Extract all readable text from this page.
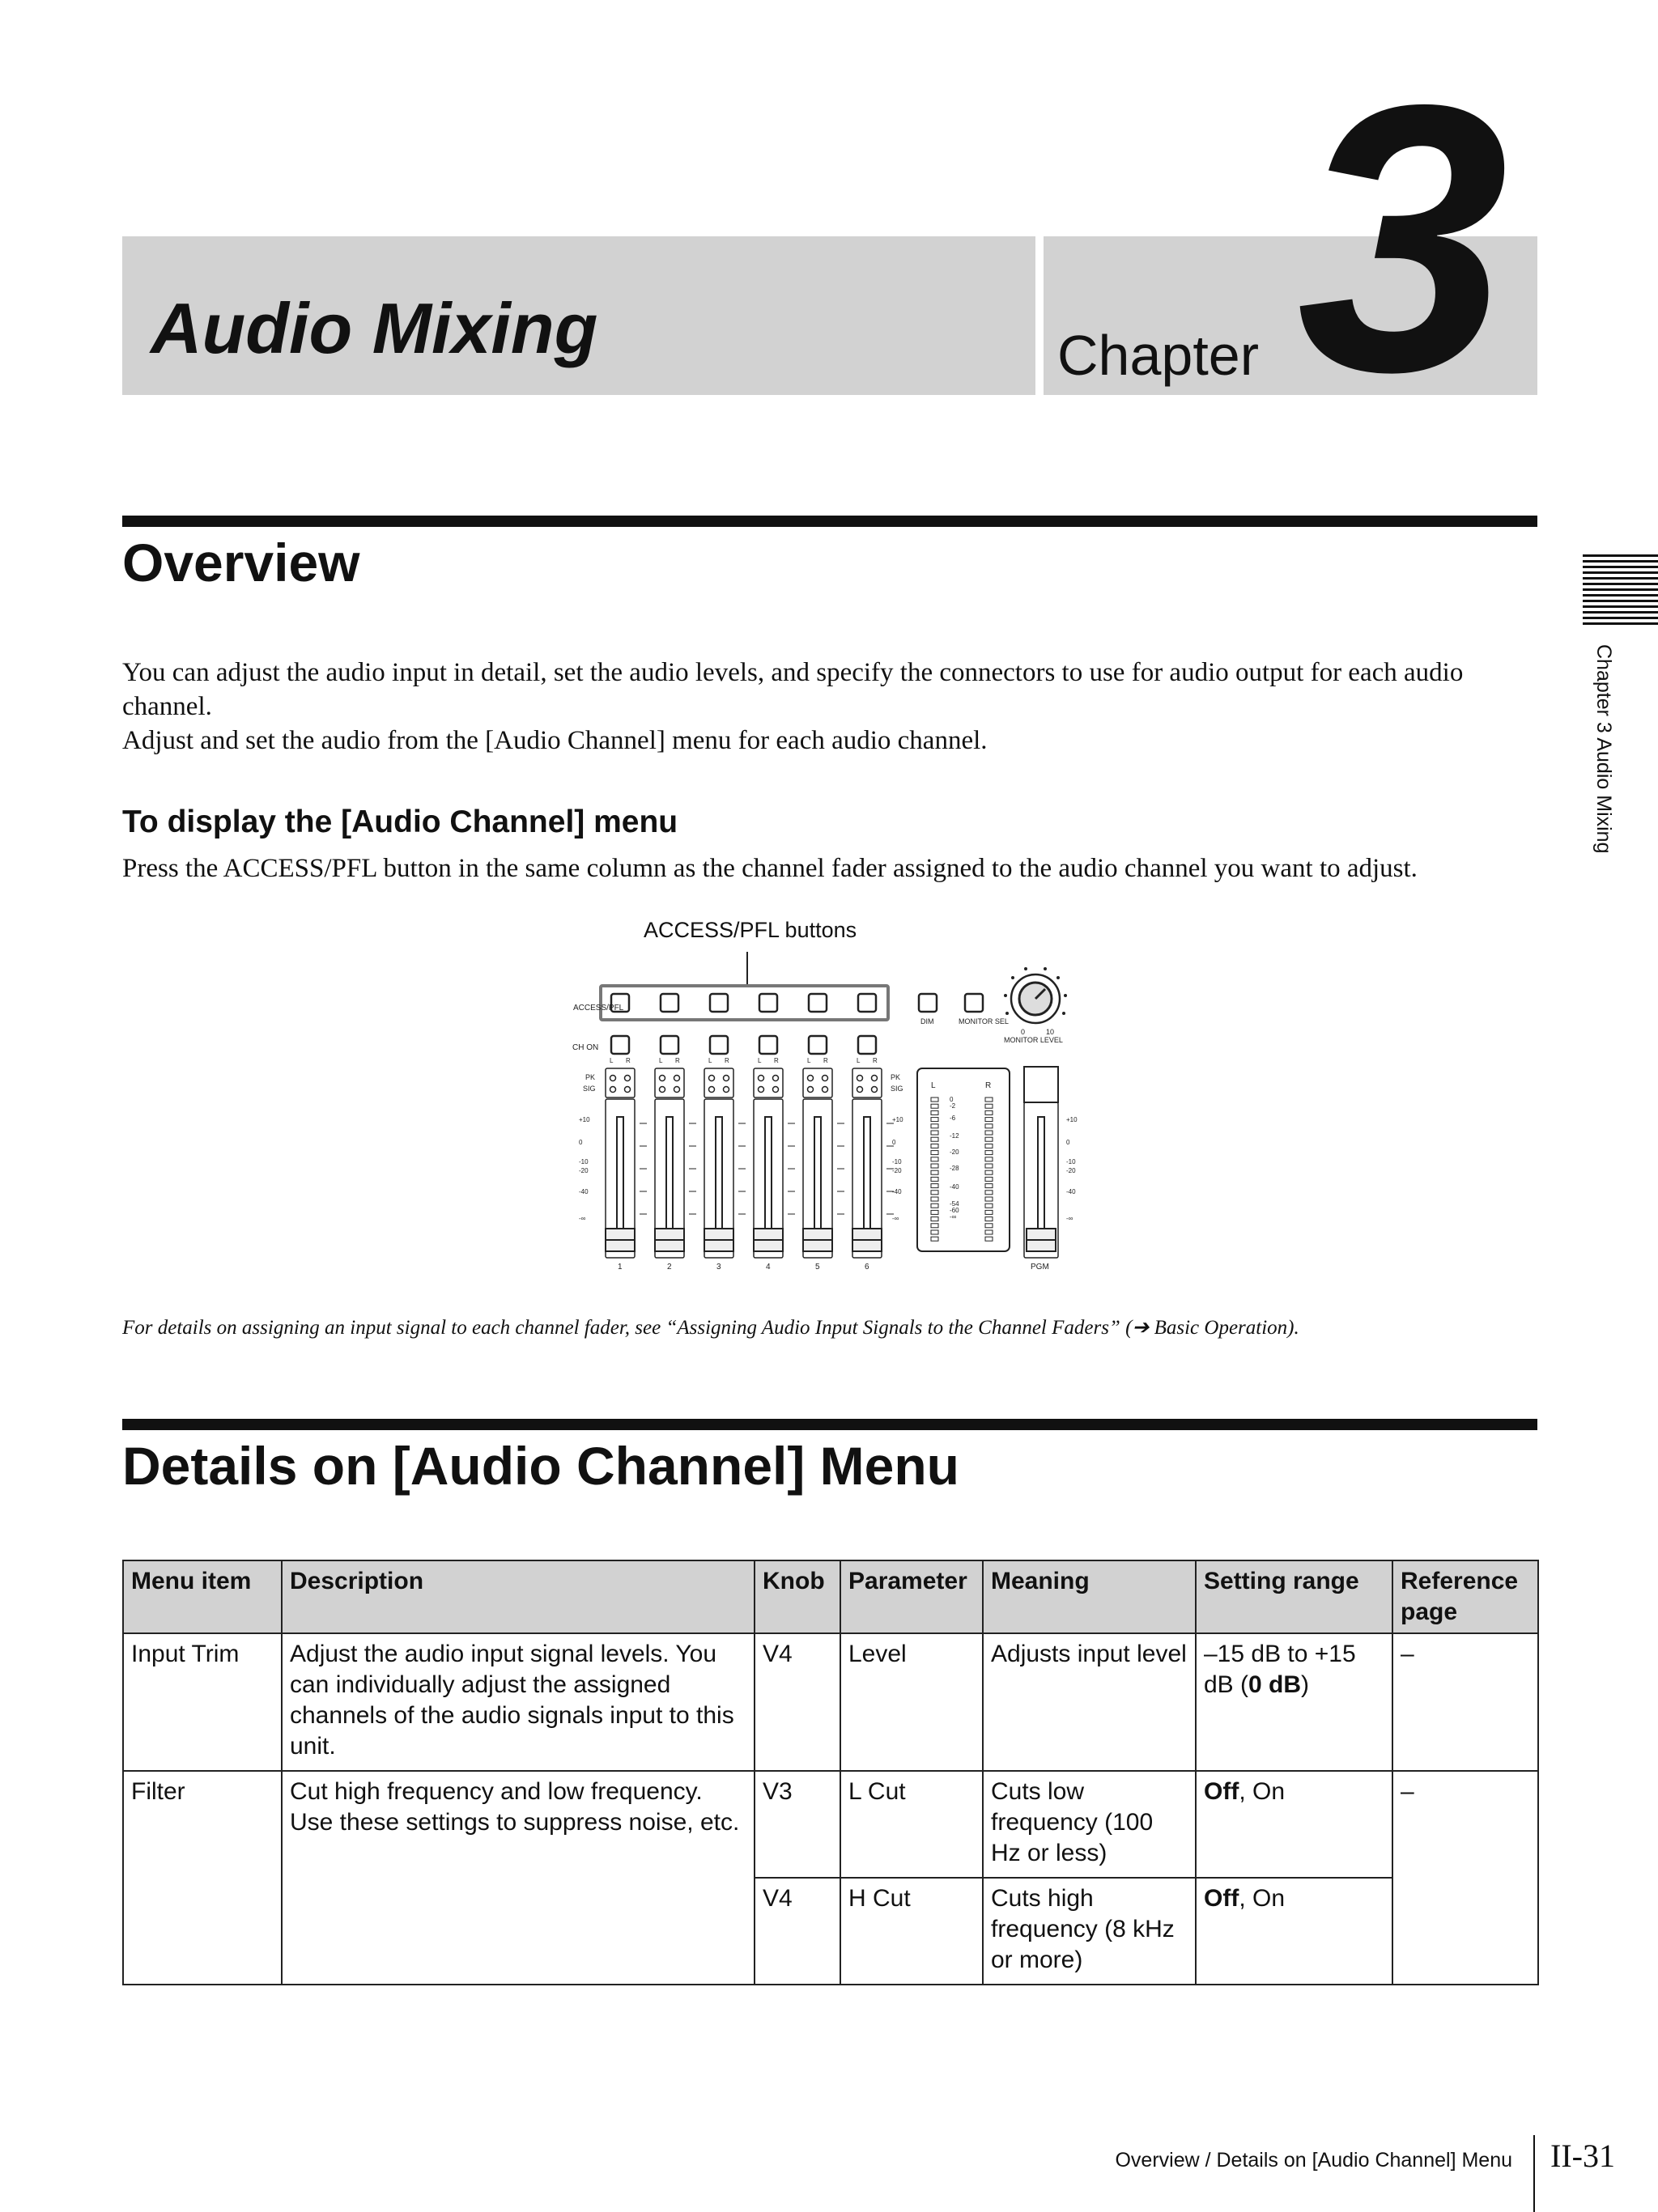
Audio Mixing	Chapter 3
Chapter 3 Audio Mixing
Overview
You can adjust the audio input in detail, set the audio levels, and specify the connectors to use for audio output for each audio channel.
Adjust and set the audio from the [Audio Channel] menu for each audio channel.
To display the [Audio Channel] menu
Press the ACCESS/PFL button in the same column as the channel fader assigned to the audio channel you want to adjust.
ACCESS/PFL buttons
ACCESS/PFL
CH ON
PK
SIG
DIM	MONITOR SEL
0	10
MONITOR LEVEL
L R	L R	L R	L R	L R	L R
PK
SIG	L	R
0
-2
-6
-12
-20
-28
-40
-54
-60
-∞
+10
0
-10
-20
-40
-∞
+10
0
-10
-20
-40
-∞
+10
0
-10
-20
-40
-∞
1	2	3	4	5	6	PGM
For details on assigning an input signal to each channel fader, see “Assigning Audio Input Signals to the Channel Faders” (➔ Basic Operation).
Details on [Audio Channel] Menu
Menu item	Description	Knob	Parameter	Meaning	Setting range	Reference page
Input Trim	Adjust the audio input signal levels. You can individually adjust the assigned channels of the audio signals input to this unit.	V4	Level	Adjusts input level	–15 dB to +15 dB (0 dB)	–
Filter	Cut high frequency and low frequency. Use these settings to suppress noise, etc.	V3	L Cut	Cuts low frequency (100 Hz or less)	Off, On	–
		V4	H Cut	Cuts high frequency (8 kHz or more)	Off, On	
Overview / Details on [Audio Channel] Menu II-31
